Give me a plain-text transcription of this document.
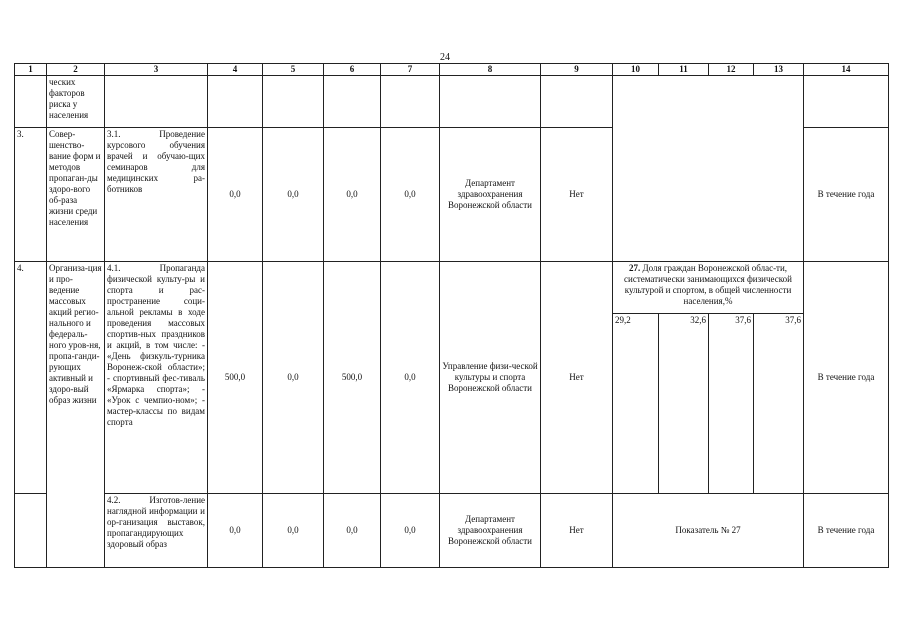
24
1	2	3	4	5	6	7	8	9	10	11	12	13	14
	ческих факторов риска у населения												
3.	Совер-шенство-вание форм и методов пропаган-ды здоро-вого об-раза жизни среди населения	3.1. Проведение курсового обучения врачей и обучаю-щих семинаров для медицинских ра-ботников	0,0	0,0	0,0	0,0	Департамент здравоохранения Воронежской области	Нет					В течение года
4.	Организа-ция и про-ведение массовых акций регио-нального и федераль-ного уров-ня, пропа-ганди-рующих активный и здоро-вый образ жизни	4.1. Пропаганда физической культу-ры и спорта и рас-пространение соци-альной рекламы в ходе проведения массовых спортив-ных праздников и акций, в том числе: - «День физкуль-турника Воронеж-ской области»; - спортивный фес-тиваль «Ярмарка спорта»; - «Урок с чемпио-ном»; - мастер-классы по видам спорта	500,0	0,0	500,0	0,0	Управление физи-ческой культуры и спорта Воронежской области	Нет	27. Доля граждан Воронежской облас-ти, систематически занимающихся физической культурой и спортом, в общей численности населения,%				В течение года
									29,2	32,6	37,6	37,6	
		4.2. Изготов-ление наглядной информации и ор-ганизация выставок, пропагандирующих здоровый образ	0,0	0,0	0,0	0,0	Департамент здравоохранения Воронежской области	Нет	Показатель № 27				В течение года
